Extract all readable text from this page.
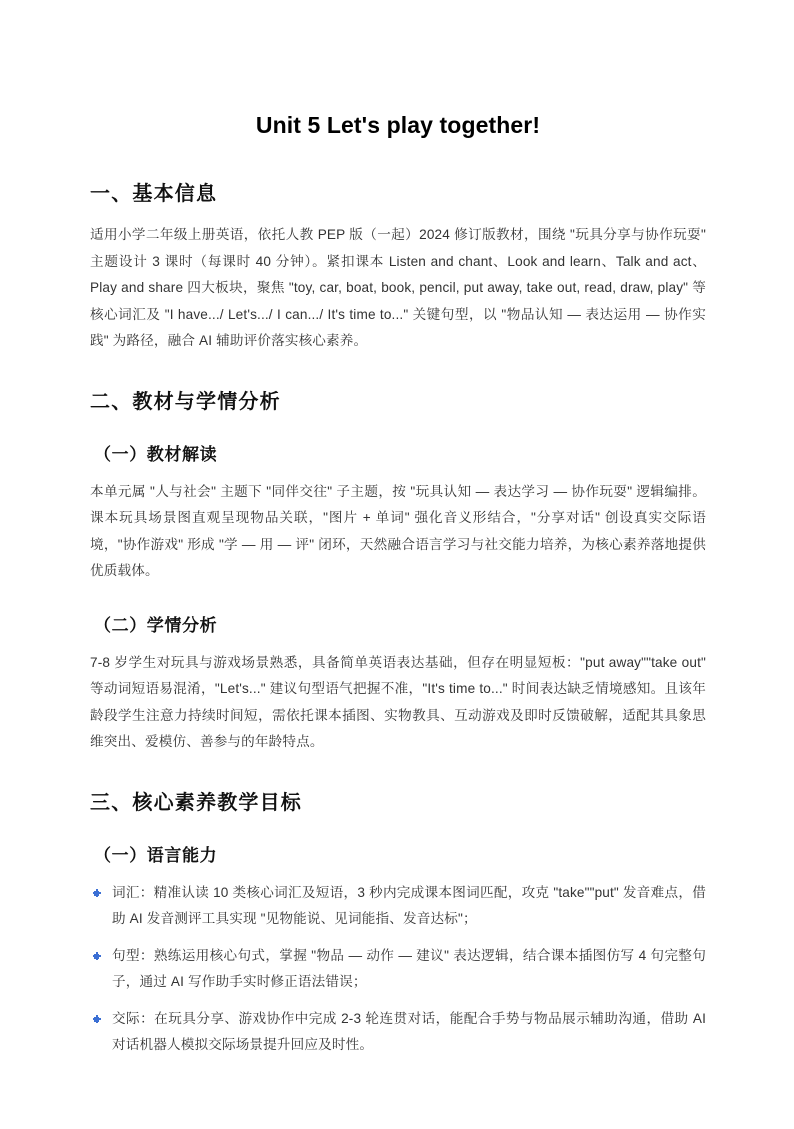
Unit 5 Let's play together!
一、基本信息

适用小学二年级上册英语，依托人教 PEP 版（一起）2024 修订版教材，围绕 "玩具分享与协作玩耍" 主题设计 3 课时（每课时 40 分钟）。紧扣课本 Listen and chant、Look and learn、Talk and act、Play and share 四大板块，聚焦 "toy, car, boat, book, pencil, put away, take out, read, draw, play" 等核心词汇及 "I have.../ Let's.../ I can.../ It's time to..." 关键句型，以 "物品认知 — 表达运用 — 协作实践" 为路径，融合 AI 辅助评价落实核心素养。

二、教材与学情分析
（一）教材解读

本单元属 "人与社会" 主题下 "同伴交往" 子主题，按 "玩具认知 — 表达学习 — 协作玩耍" 逻辑编排。课本玩具场景图直观呈现物品关联，"图片 + 单词" 强化音义形结合，"分享对话" 创设真实交际语境，"协作游戏" 形成 "学 — 用 — 评" 闭环，天然融合语言学习与社交能力培养，为核心素养落地提供优质载体。

（二）学情分析

7-8 岁学生对玩具与游戏场景熟悉，具备简单英语表达基础，但存在明显短板："put away""take out" 等动词短语易混淆，"Let's..." 建议句型语气把握不准，"It's time to..." 时间表达缺乏情境感知。且该年龄段学生注意力持续时间短，需依托课本插图、实物教具、互动游戏及即时反馈破解，适配其具象思维突出、爱模仿、善参与的年龄特点。

三、核心素养教学目标
（一）语言能力
词汇：精准认读 10 类核心词汇及短语，3 秒内完成课本图词匹配，攻克 "take""put" 发音难点，借助 AI 发音测评工具实现 "见物能说、见词能指、发音达标"；
句型：熟练运用核心句式，掌握 "物品 — 动作 — 建议" 表达逻辑，结合课本插图仿写 4 句完整句子，通过 AI 写作助手实时修正语法错误；
交际：在玩具分享、游戏协作中完成 2-3 轮连贯对话，能配合手势与物品展示辅助沟通，借助 AI 对话机器人模拟交际场景提升回应及时性。
